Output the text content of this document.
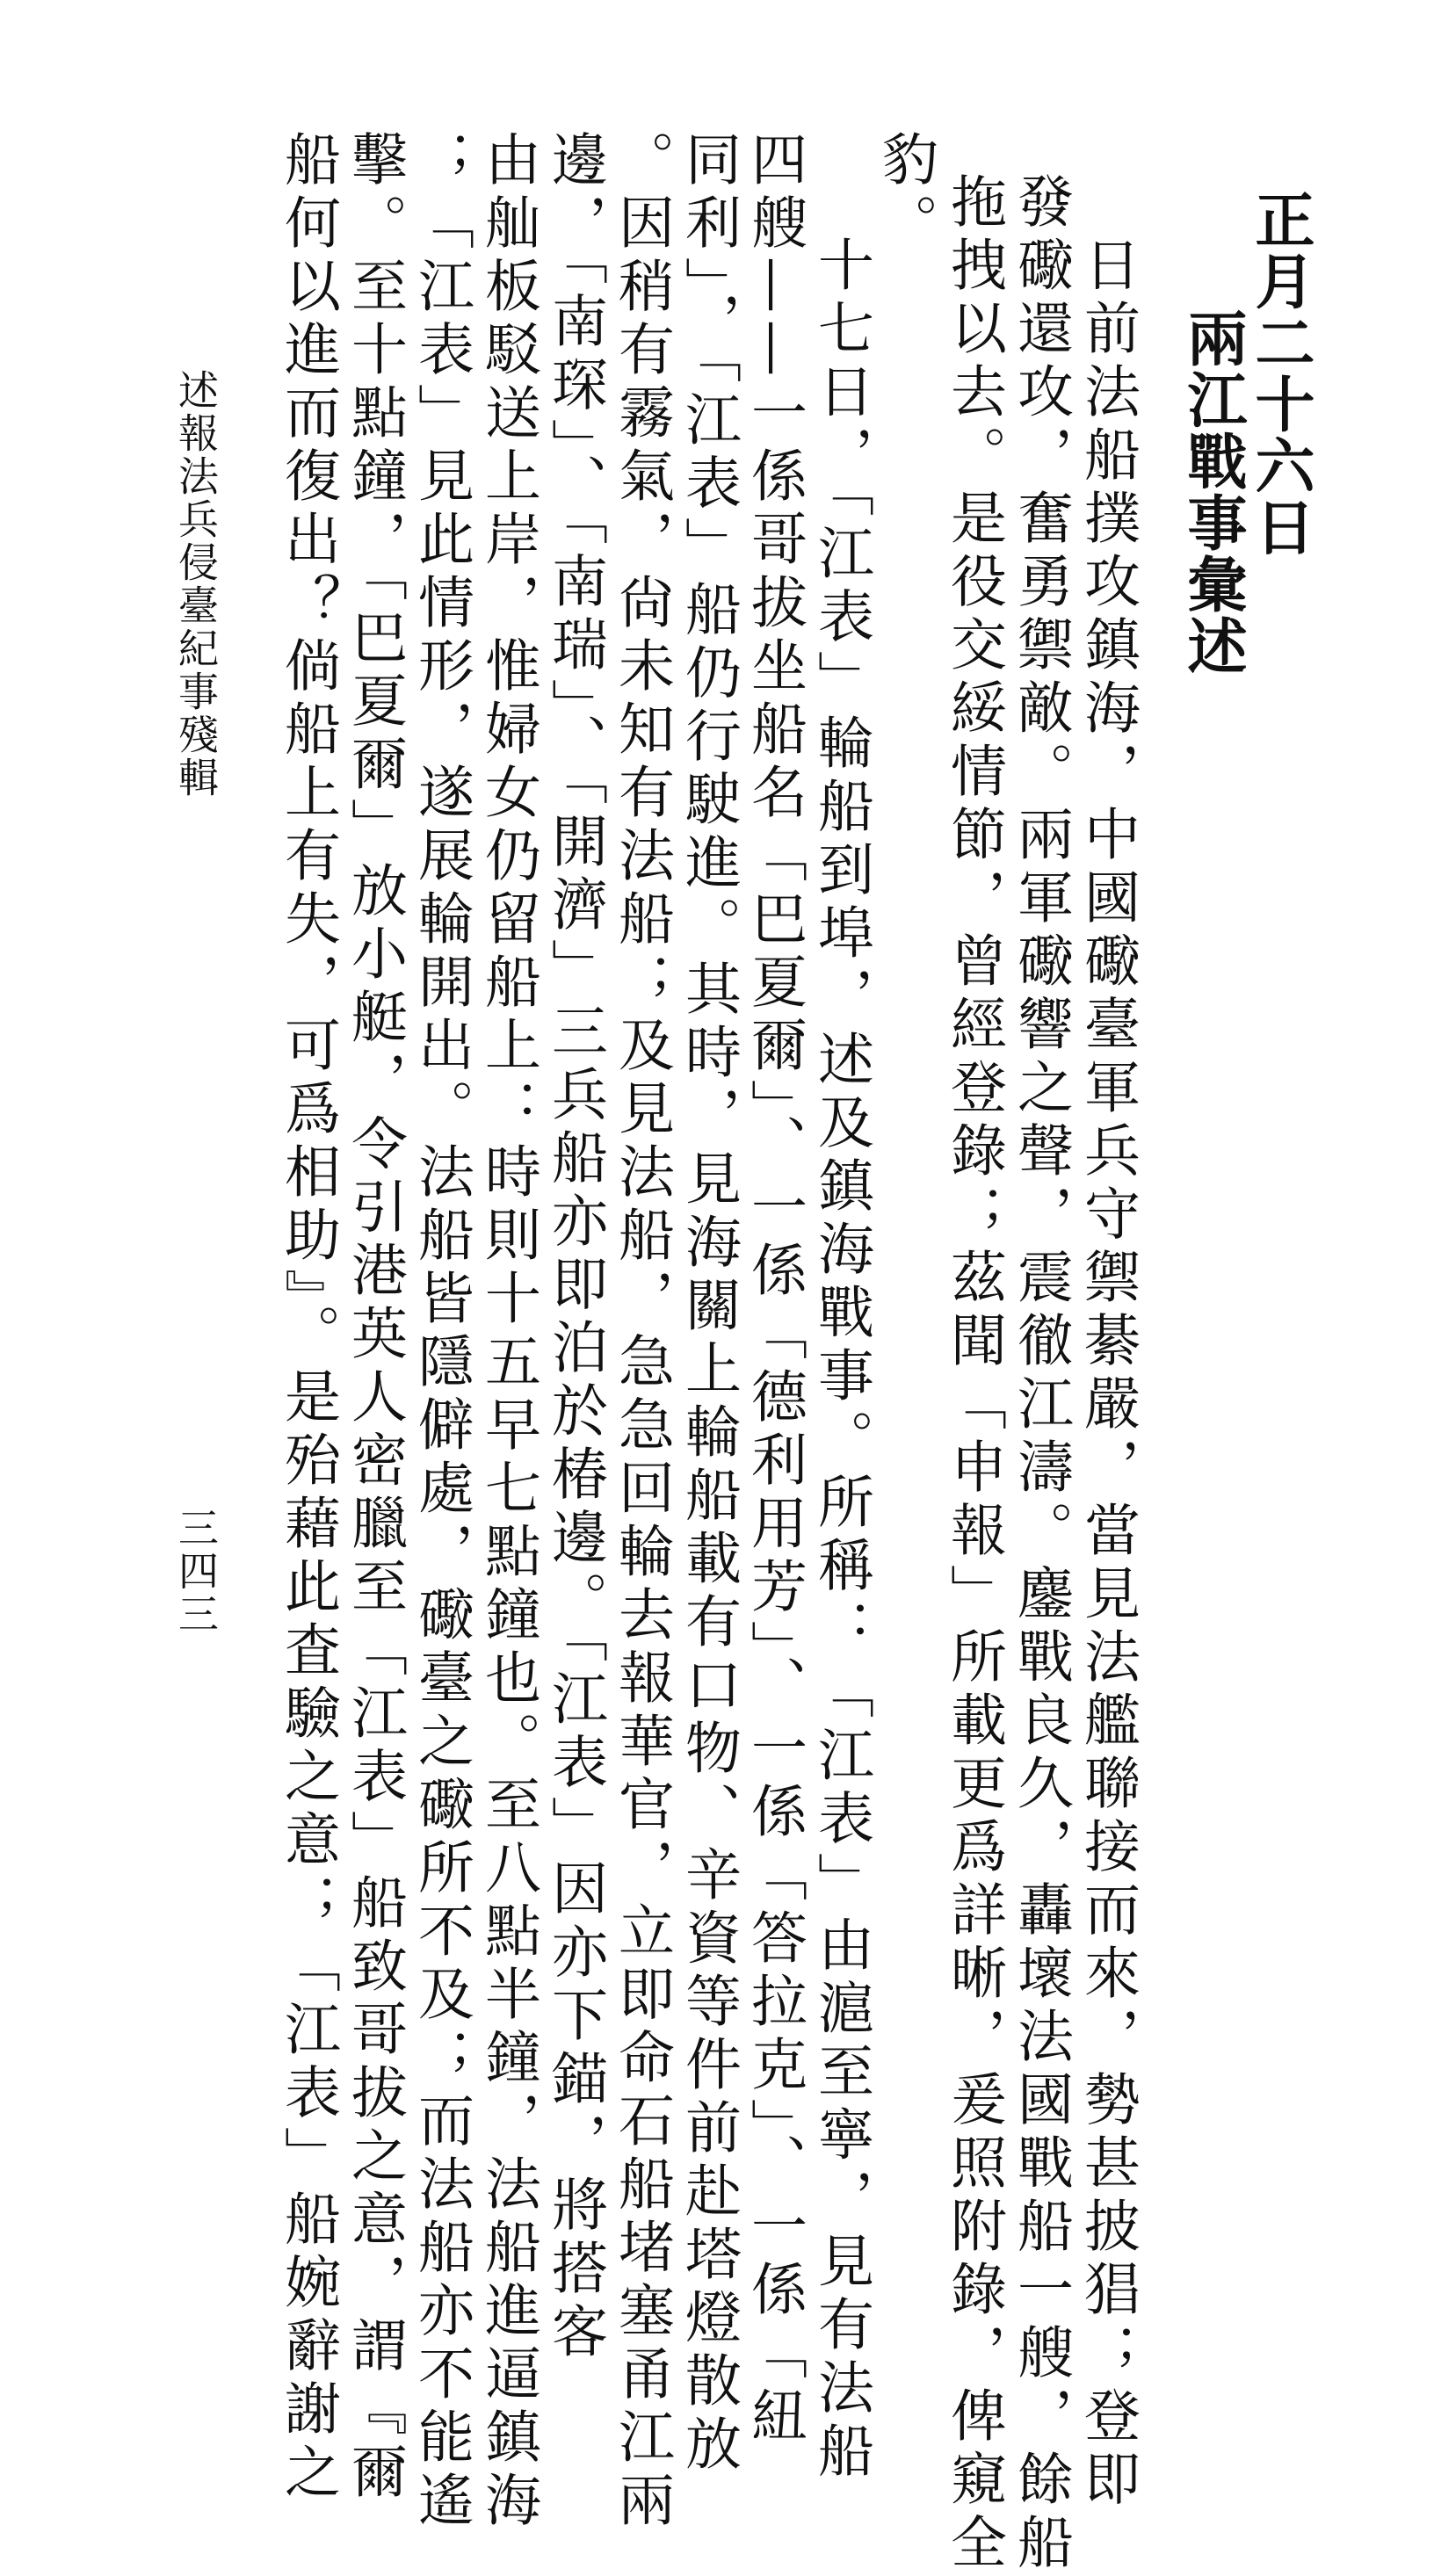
正月二十六日
兩江戰事彙述
日前法船撲攻鎮海，中國礮臺軍兵守禦綦嚴，當見法艦聯接而來，勢甚披猖；登即
發礮還攻，奮勇禦敵。兩軍礮響之聲，震徹江濤。鏖戰良久，轟壞法國戰船一艘，餘船
拖拽以去。是役交綏情節，曾經登錄；茲聞「申報」所載更爲詳晰，爰照附錄，俾窺全
豹。
十七日，「江表」輪船到埠，述及鎮海戰事。所稱：「江表」由滬至寧，見有法船
四艘——一係哥拔坐船名「巴夏爾」、一係「德利用芳」、一係「答拉克」、一係「紐
同利」，「江表」船仍行駛進。其時，見海關上輪船載有口物、辛資等件前赴塔燈散放
。因稍有霧氣，尙未知有法船；及見法船，急急回輪去報華官，立即命石船堵塞甬江兩
邊，「南琛」、「南瑞」、「開濟」三兵船亦即泊於椿邊。「江表」因亦下錨，將搭客
由舢板駁送上岸，惟婦女仍留船上：時則十五早七點鐘也。至八點半鐘，法船進逼鎮海
；「江表」見此情形，遂展輪開出。法船皆隱僻處，礮臺之礮所不及；而法船亦不能遙
擊。至十點鐘，「巴夏爾」放小艇，令引港英人密臘至「江表」船致哥拔之意，謂『爾
船何以進而復出？倘船上有失，可爲相助』。是殆藉此査驗之意；「江表」船婉辭謝之
述報法兵侵臺紀事殘輯
三四三
